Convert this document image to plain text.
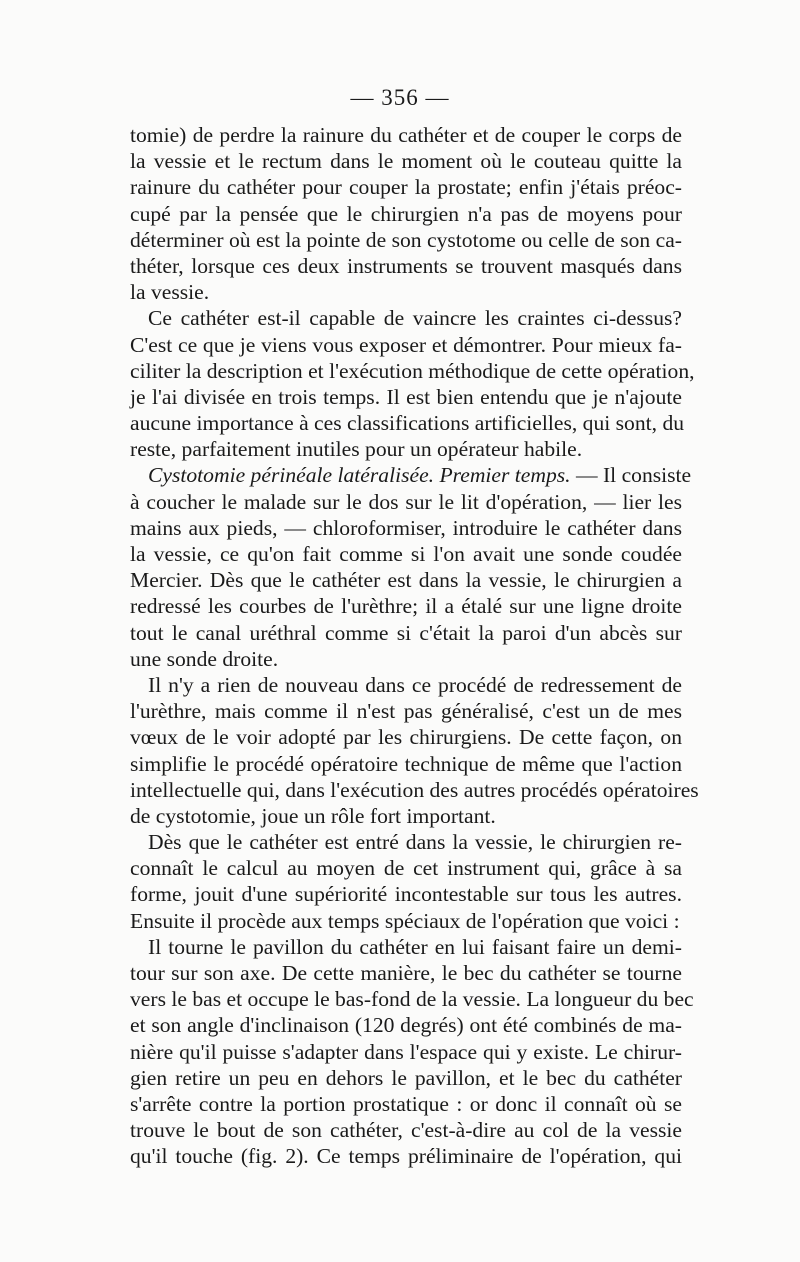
— 356 —
tomie) de perdre la rainure du cathéter et de couper le corps de
la vessie et le rectum dans le moment où le couteau quitte la
rainure du cathéter pour couper la prostate; enfin j'étais préoc-
cupé par la pensée que le chirurgien n'a pas de moyens pour
déterminer où est la pointe de son cystotome ou celle de son ca-
théter, lorsque ces deux instruments se trouvent masqués dans
la vessie.
Ce cathéter est-il capable de vaincre les craintes ci-dessus?
C'est ce que je viens vous exposer et démontrer. Pour mieux fa-
ciliter la description et l'exécution méthodique de cette opération,
je l'ai divisée en trois temps. Il est bien entendu que je n'ajoute
aucune importance à ces classifications artificielles, qui sont, du
reste, parfaitement inutiles pour un opérateur habile.
Cystotomie périnéale latéralisée. Premier temps. — Il consiste
à coucher le malade sur le dos sur le lit d'opération, — lier les
mains aux pieds, — chloroformiser, introduire le cathéter dans
la vessie, ce qu'on fait comme si l'on avait une sonde coudée
Mercier. Dès que le cathéter est dans la vessie, le chirurgien a
redressé les courbes de l'urèthre; il a étalé sur une ligne droite
tout le canal uréthral comme si c'était la paroi d'un abcès sur
une sonde droite.
Il n'y a rien de nouveau dans ce procédé de redressement de
l'urèthre, mais comme il n'est pas généralisé, c'est un de mes
vœux de le voir adopté par les chirurgiens. De cette façon, on
simplifie le procédé opératoire technique de même que l'action
intellectuelle qui, dans l'exécution des autres procédés opératoires
de cystotomie, joue un rôle fort important.
Dès que le cathéter est entré dans la vessie, le chirurgien re-
connaît le calcul au moyen de cet instrument qui, grâce à sa
forme, jouit d'une supériorité incontestable sur tous les autres.
Ensuite il procède aux temps spéciaux de l'opération que voici :
Il tourne le pavillon du cathéter en lui faisant faire un demi-
tour sur son axe. De cette manière, le bec du cathéter se tourne
vers le bas et occupe le bas-fond de la vessie. La longueur du bec
et son angle d'inclinaison (120 degrés) ont été combinés de ma-
nière qu'il puisse s'adapter dans l'espace qui y existe. Le chirur-
gien retire un peu en dehors le pavillon, et le bec du cathéter
s'arrête contre la portion prostatique : or donc il connaît où se
trouve le bout de son cathéter, c'est-à-dire au col de la vessie
qu'il touche (fig. 2). Ce temps préliminaire de l'opération, qui
